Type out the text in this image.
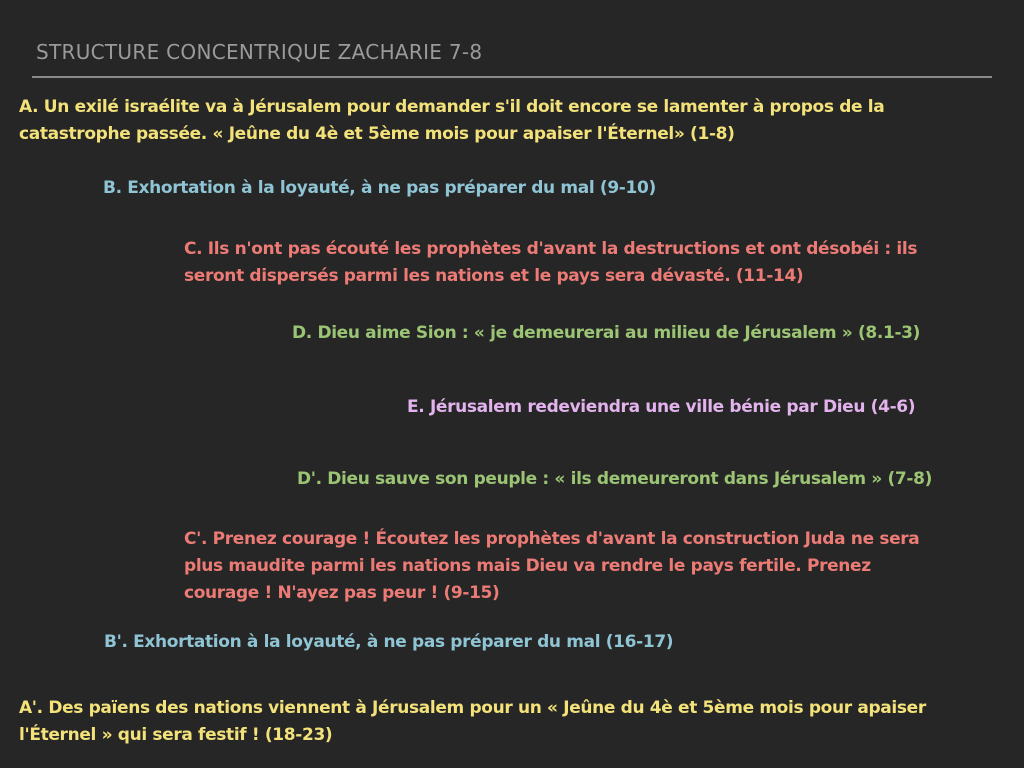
STRUCTURE CONCENTRIQUE ZACHARIE 7-8
A. Un exilé israélite va à Jérusalem pour demander s'il doit encore se lamenter à propos de la
catastrophe passée. « Jeûne du 4è et 5ème mois pour apaiser l'Éternel» (1-8)
B. Exhortation à la loyauté, à ne pas préparer du mal (9-10)
C. Ils n'ont pas écouté les prophètes d'avant la destructions et ont désobéi : ils
seront dispersés parmi les nations et le pays sera dévasté. (11-14)
D. Dieu aime Sion : « je demeurerai au milieu de Jérusalem » (8.1-3)
E. Jérusalem redeviendra une ville bénie par Dieu (4-6)
D'. Dieu sauve son peuple : « ils demeureront dans Jérusalem » (7-8)
C'. Prenez courage ! Écoutez les prophètes d'avant la construction Juda ne sera
plus maudite parmi les nations mais Dieu va rendre le pays fertile. Prenez
courage ! N'ayez pas peur ! (9-15)
B'. Exhortation à la loyauté, à ne pas préparer du mal (16-17)
A'. Des païens des nations viennent à Jérusalem pour un « Jeûne du 4è et 5ème mois pour apaiser
l'Éternel » qui sera festif ! (18-23)
